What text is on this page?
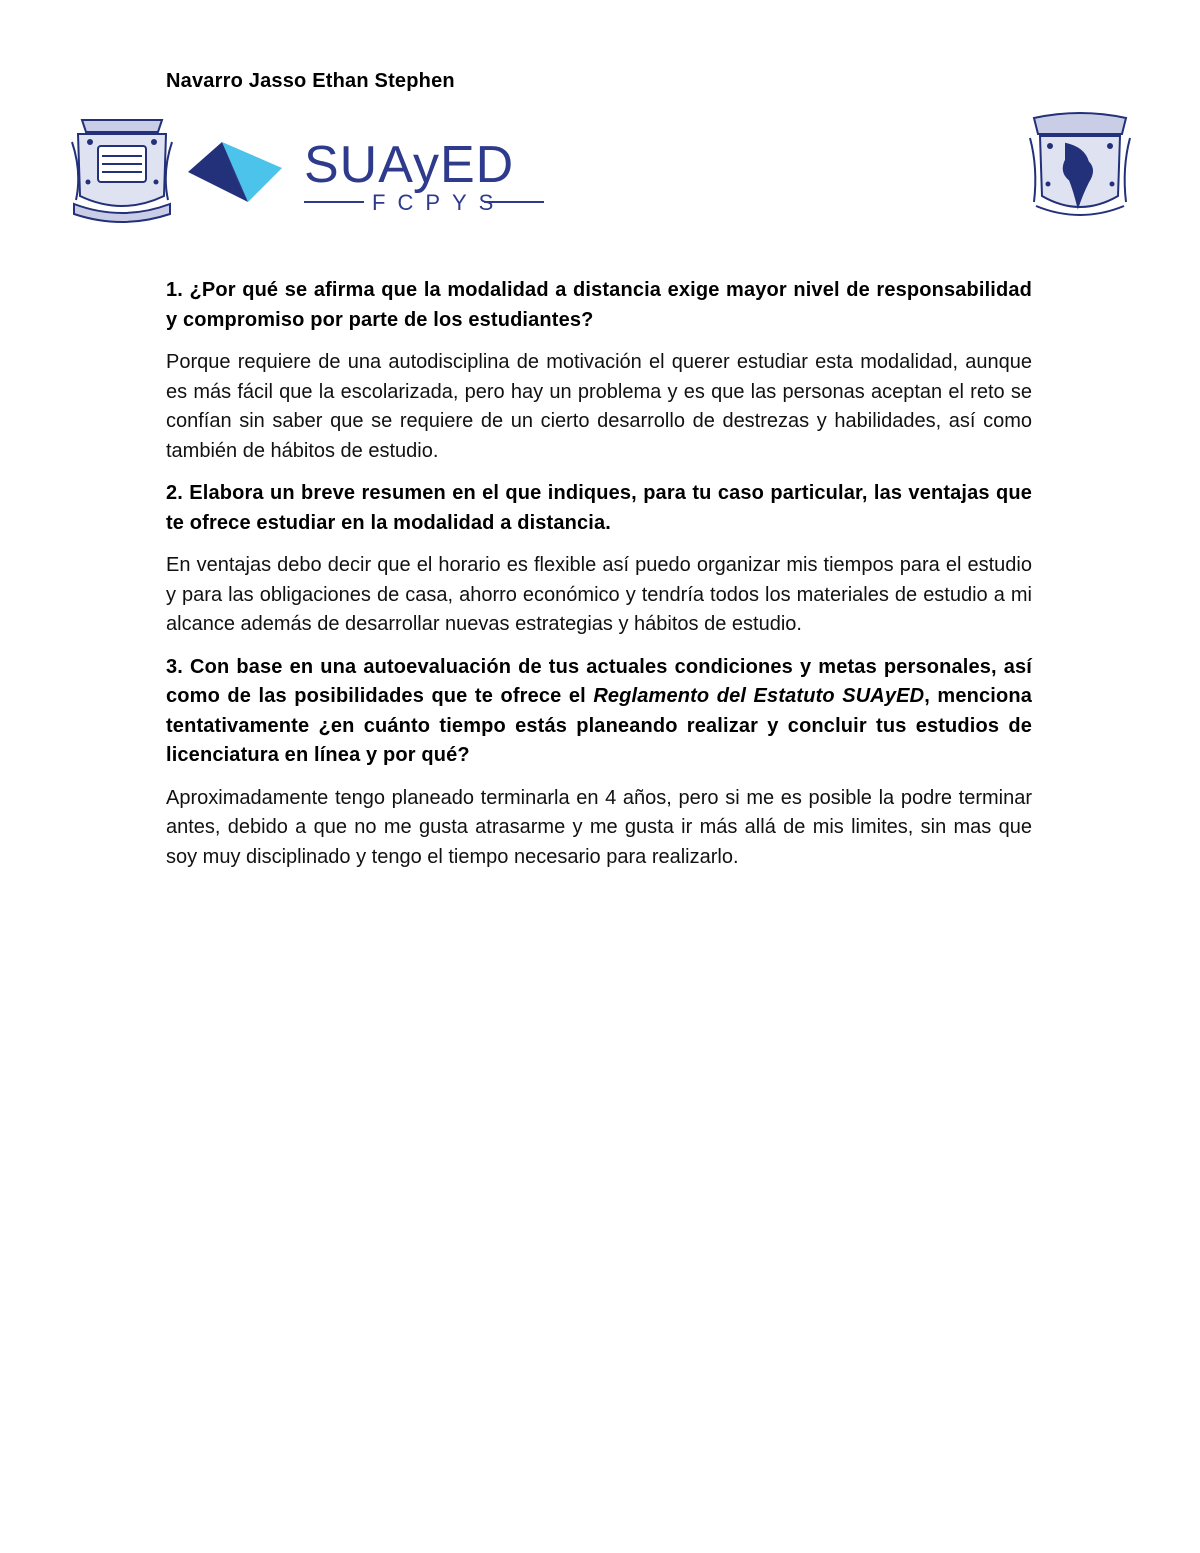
Navarro Jasso Ethan Stephen
SUAyED
FCPYS

1. ¿Por qué se afirma que la modalidad a distancia exige mayor nivel de responsabilidad y compromiso por parte de los estudiantes?

Porque requiere de una autodisciplina de motivación el querer estudiar esta modalidad, aunque es más fácil que la escolarizada, pero hay un problema y es que las personas aceptan el reto se confían sin saber que se requiere de un cierto desarrollo de destrezas y habilidades, así como también de hábitos de estudio.

2. Elabora un breve resumen en el que indiques, para tu caso particular, las ventajas que te ofrece estudiar en la modalidad a distancia.

En ventajas debo decir que el horario es flexible así puedo organizar mis tiempos para el estudio y para las obligaciones de casa, ahorro económico y tendría todos los materiales de estudio a mi alcance además de desarrollar nuevas estrategias y hábitos de estudio.

3. Con base en una autoevaluación de tus actuales condiciones y metas personales, así como de las posibilidades que te ofrece el Reglamento del Estatuto SUAyED, menciona tentativamente ¿en cuánto tiempo estás planeando realizar y concluir tus estudios de licenciatura en línea y por qué?

Aproximadamente tengo planeado terminarla en 4 años, pero si me es posible la podre terminar antes, debido a que no me gusta atrasarme y me gusta ir más allá de mis limites, sin mas que soy muy disciplinado y tengo el tiempo necesario para realizarlo.
